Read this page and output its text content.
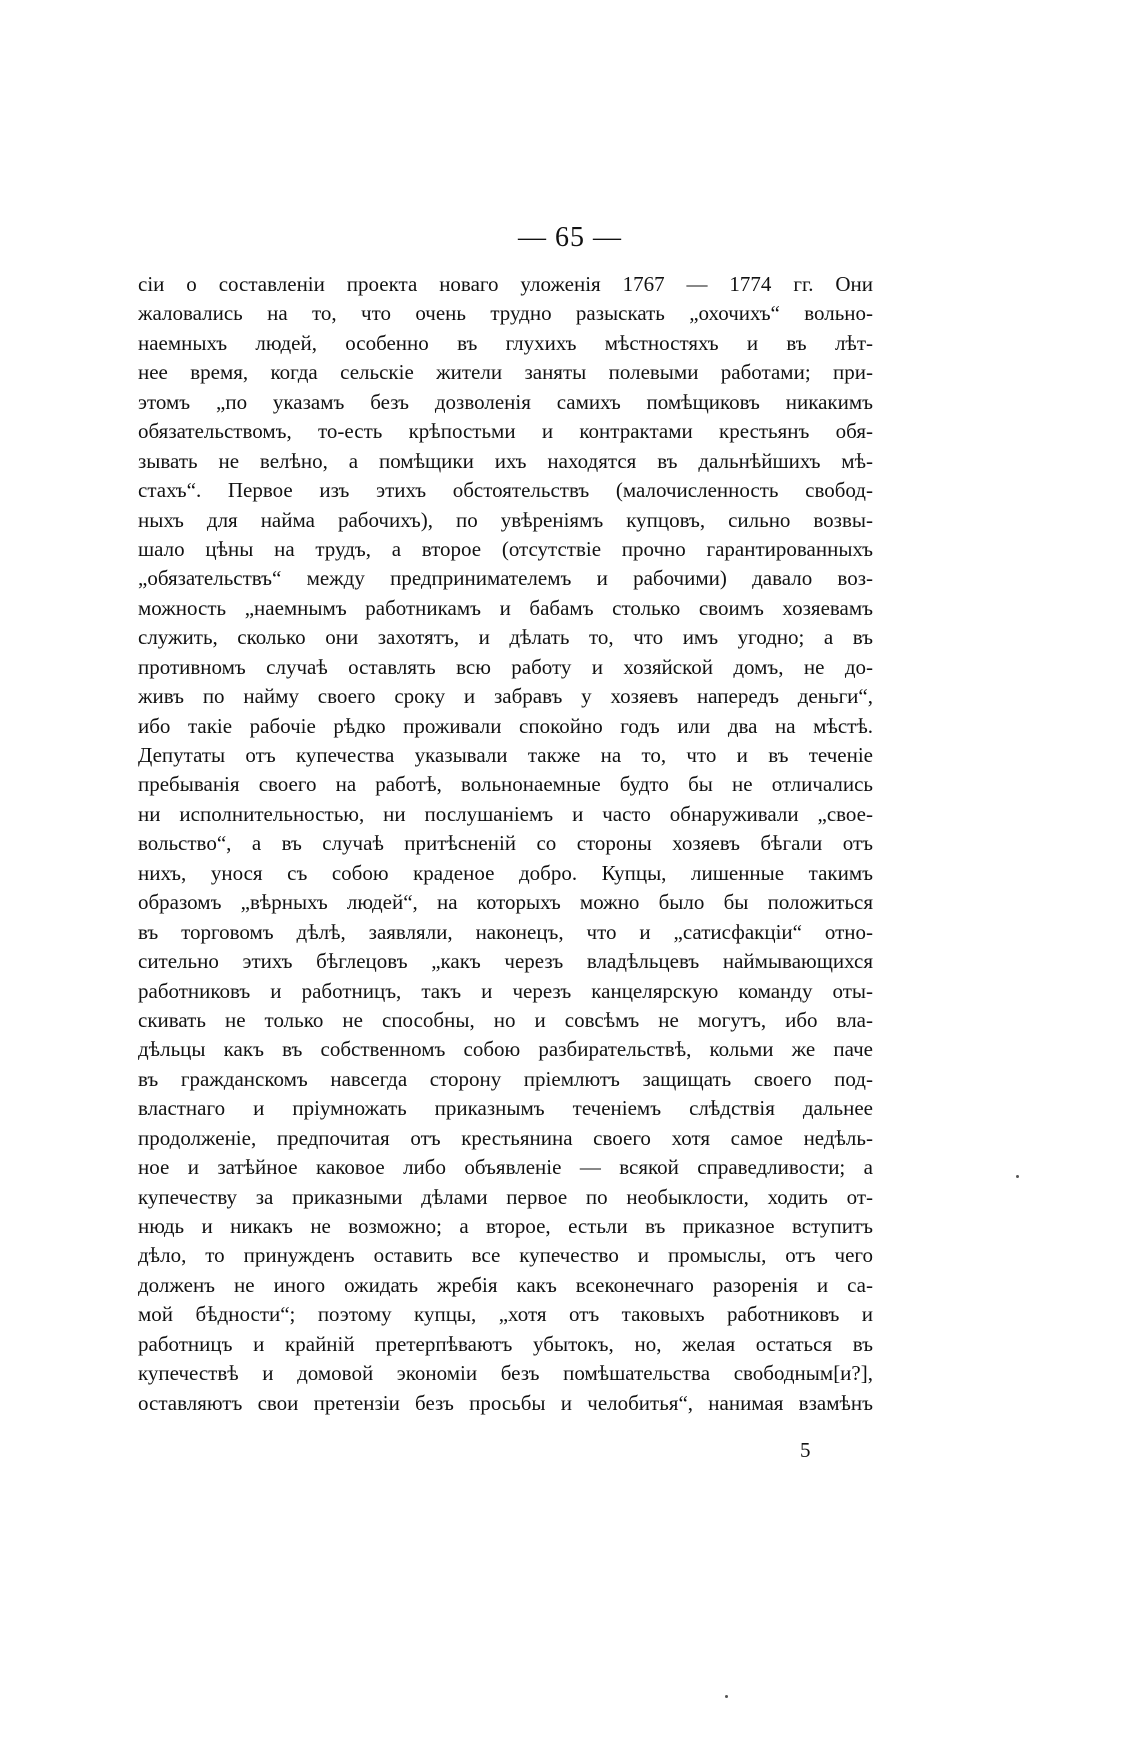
— 65 —
сіи о составленіи проекта новаго уложенія 1767 — 1774 гг. Они
жаловались на то, что очень трудно разыскать „охочихъ“ вольно-
наемныхъ людей, особенно въ глухихъ мѣстностяхъ и въ лѣт-
нее время, когда сельскіе жители заняты полевыми работами; при-
этомъ „по указамъ безъ дозволенія самихъ помѣщиковъ никакимъ
обязательствомъ, то-есть крѣпостьми и контрактами крестьянъ обя-
зывать не велѣно, а помѣщики ихъ находятся въ дальнѣйшихъ мѣ-
стахъ“. Первое изъ этихъ обстоятельствъ (малочисленность свобод-
ныхъ для найма рабочихъ), по увѣреніямъ купцовъ, сильно возвы-
шало цѣны на трудъ, а второе (отсутствіе прочно гарантированныхъ
„обязательствъ“ между предпринимателемъ и рабочими) давало воз-
можность „наемнымъ работникамъ и бабамъ столько своимъ хозяевамъ
служить, сколько они захотятъ, и дѣлать то, что имъ угодно; а въ
противномъ случаѣ оставлять всю работу и хозяйской домъ, не до-
живъ по найму своего сроку и забравъ у хозяевъ напередъ деньги“,
ибо такіе рабочіе рѣдко проживали спокойно годъ или два на мѣстѣ.
Депутаты отъ купечества указывали также на то, что и въ теченіе
пребыванія своего на работѣ, вольнонаемные будто бы не отличались
ни исполнительностью, ни послушаніемъ и часто обнаруживали „свое-
вольство“, а въ случаѣ притѣсненій со стороны хозяевъ бѣгали отъ
нихъ, унося съ собою краденое добро. Купцы, лишенные такимъ
образомъ „вѣрныхъ людей“, на которыхъ можно было бы положиться
въ торговомъ дѣлѣ, заявляли, наконецъ, что и „сатисфакціи“ отно-
сительно этихъ бѣглецовъ „какъ черезъ владѣльцевъ наймывающихся
работниковъ и работницъ, такъ и черезъ канцелярскую команду оты-
скивать не только не способны, но и совсѣмъ не могутъ, ибо вла-
дѣльцы какъ въ собственномъ собою разбирательствѣ, кольми же паче
въ гражданскомъ навсегда сторону пріемлютъ защищать своего под-
властнаго и пріумножать приказнымъ теченіемъ слѣдствія дальнее
продолженіе, предпочитая отъ крестьянина своего хотя самое недѣль-
ное и затѣйное каковое либо объявленіе — всякой справедливости; а
купечеству за приказными дѣлами первое по необыклости, ходить от-
нюдь и никакъ не возможно; а второе, естьли въ приказное вступитъ
дѣло, то принужденъ оставить все купечество и промыслы, отъ чего
долженъ не иного ожидать жребія какъ всеконечнаго разоренія и са-
мой бѣдности“; поэтому купцы, „хотя отъ таковыхъ работниковъ и
работницъ и крайній претерпѣваютъ убытокъ, но, желая остаться въ
купечествѣ и домовой экономіи безъ помѣшательства свободным[и?],
оставляютъ свои претензіи безъ просьбы и челобитья“, нанимая взамѣнъ
5
